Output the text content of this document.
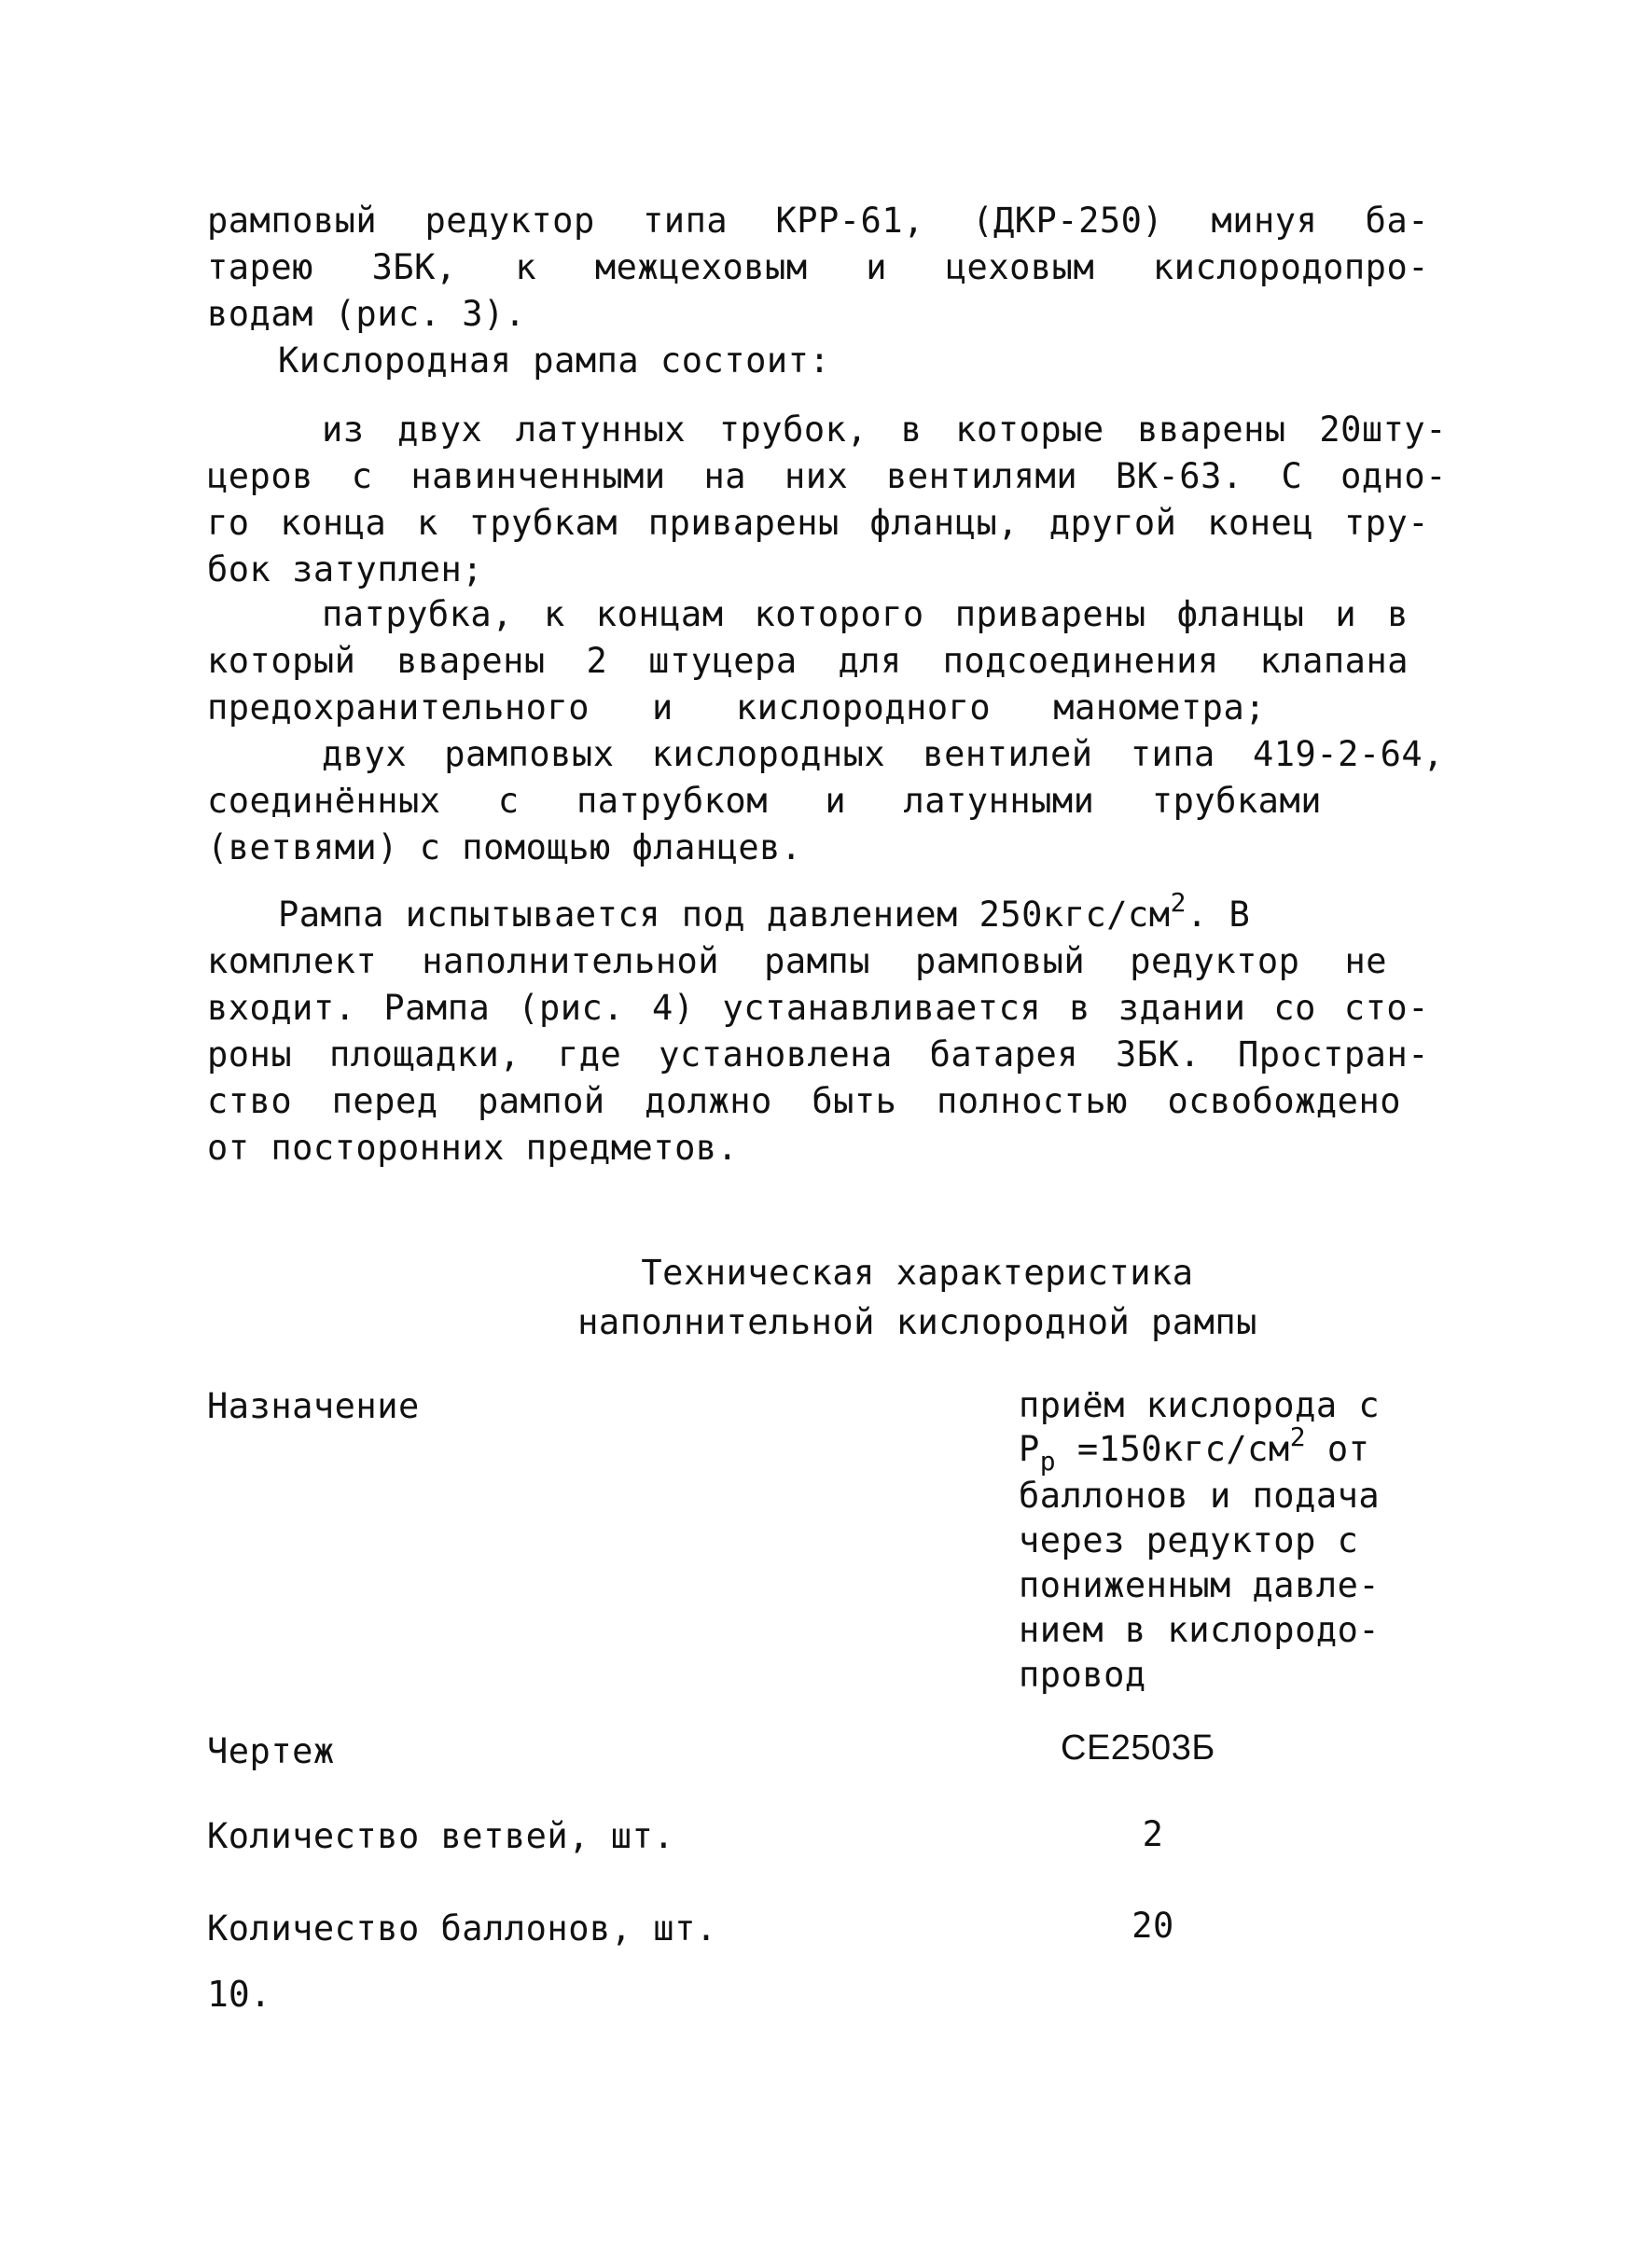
рамповый редуктор типа КРР-61, (ДКР-250) минуя ба-
тарею ЗБК, к межцеховым и цеховым кислородопро-
водам (рис. 3).
Кислородная рампа состоит:
из двух латунных трубок, в которые вварены 20шту-
церов с навинченными на них вентилями ВК-63. С одно-
го конца к трубкам приварены фланцы, другой конец тру-
бок затуплен;
патрубка, к концам которого приварены фланцы и в
который вварены 2 штуцера для подсоединения клапана
предохранительного и кислородного манометра;
двух рамповых кислородных вентилей типа 419-2-64,
соединённых с патрубком и латунными трубками
(ветвями) с помощью фланцев.
Рампа испытывается под давлением $250кгс/см^2$. В
комплект наполнительной рампы рамповый редуктор не
входит. Рампа (рис. 4) устанавливается в здании со сто-
роны площадки, где установлена батарея ЗБК. Простран-
ство перед рампой должно быть полностью освобождено
от посторонних предметов.
Техническая характеристика
наполнительной кислородной рампы
Назначение	приём кислорода с
$P_p =150кгс/см^2$ от
баллонов и подача
через редуктор с
пониженным давле-
нием в кислородо-
провод
Чертеж	СЕ2503Б
Количество ветвей, шт.	2
Количество баллонов, шт.	20
10.
